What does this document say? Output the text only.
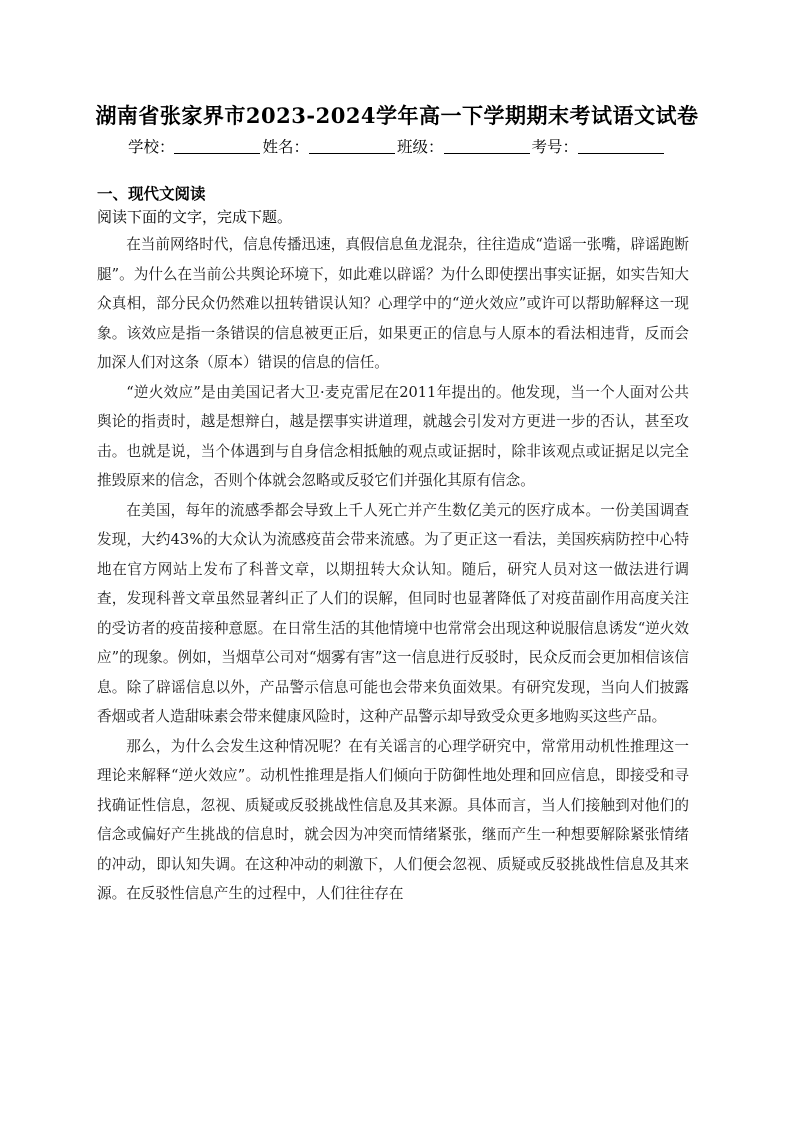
湖南省张家界市2023-2024学年高一下学期期末考试语文试卷
学校：	姓名：	班级：	考号：
一、现代文阅读
阅读下面的文字，完成下题。

在当前网络时代，信息传播迅速，真假信息鱼龙混杂，往往造成“造谣一张嘴，辟谣跑断腿”。为什么在当前公共舆论环境下，如此难以辟谣？为什么即使摆出事实证据，如实告知大众真相，部分民众仍然难以扭转错误认知？心理学中的“逆火效应”或许可以帮助解释这一现象。该效应是指一条错误的信息被更正后，如果更正的信息与人原本的看法相违背，反而会加深人们对这条（原本）错误的信息的信任。

“逆火效应”是由美国记者大卫·麦克雷尼在2011年提出的。他发现，当一个人面对公共舆论的指责时，越是想辩白，越是摆事实讲道理，就越会引发对方更进一步的否认，甚至攻击。也就是说，当个体遇到与自身信念相抵触的观点或证据时，除非该观点或证据足以完全推毁原来的信念，否则个体就会忽略或反驳它们并强化其原有信念。

在美国，每年的流感季都会导致上千人死亡并产生数亿美元的医疗成本。一份美国调查发现，大约43%的大众认为流感疫苗会带来流感。为了更正这一看法，美国疾病防控中心特地在官方网站上发布了科普文章，以期扭转大众认知。随后，研究人员对这一做法进行调查，发现科普文章虽然显著纠正了人们的误解，但同时也显著降低了对疫苗副作用高度关注的受访者的疫苗接种意愿。在日常生活的其他情境中也常常会出现这种说服信息诱发“逆火效应”的现象。例如，当烟草公司对“烟雾有害”这一信息进行反驳时，民众反而会更加相信该信息。除了辟谣信息以外，产品警示信息可能也会带来负面效果。有研究发现，当向人们披露香烟或者人造甜味素会带来健康风险时，这种产品警示却导致受众更多地购买这些产品。

那么，为什么会发生这种情况呢？在有关谣言的心理学研究中，常常用动机性推理这一理论来解释“逆火效应”。动机性推理是指人们倾向于防御性地处理和回应信息，即接受和寻找确证性信息，忽视、质疑或反驳挑战性信息及其来源。具体而言，当人们接触到对他们的信念或偏好产生挑战的信息时，就会因为冲突而情绪紧张，继而产生一种想要解除紧张情绪的冲动，即认知失调。在这种冲动的刺激下，人们便会忽视、质疑或反驳挑战性信息及其来源。在反驳性信息产生的过程中，人们往往存在
